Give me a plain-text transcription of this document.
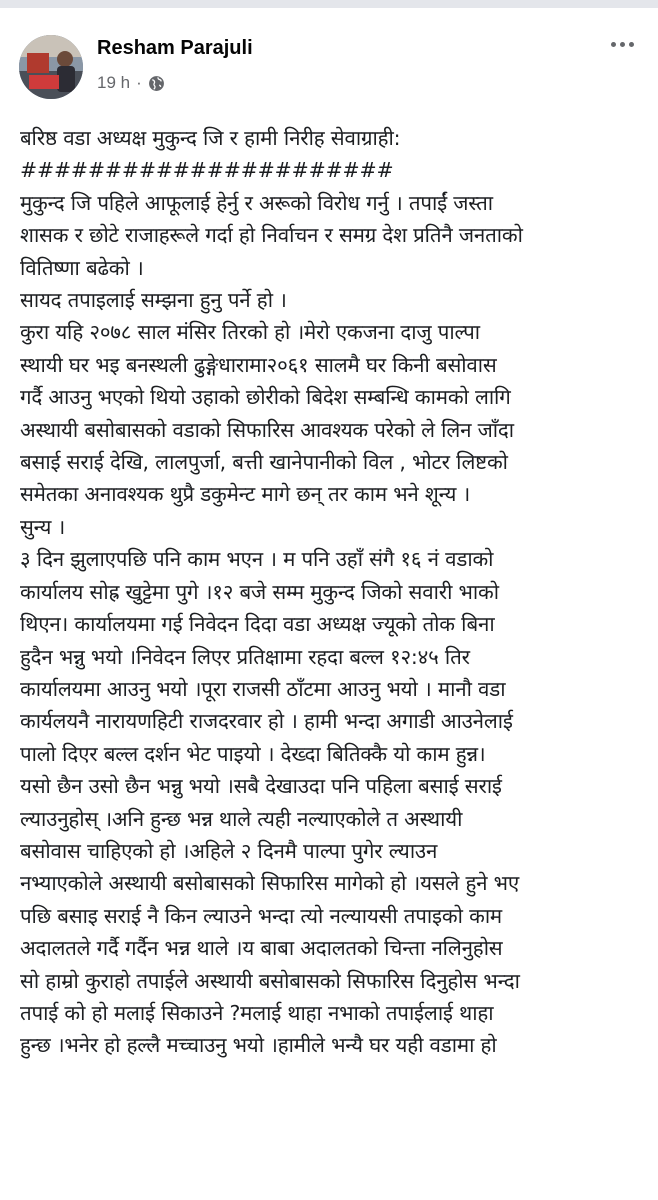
Resham Parajuli
19 h ·
बरिष्ठ वडा अध्यक्ष मुकुन्द जि र हामी निरीह सेवाग्राही:
######################
मुकुन्द जि पहिले आफूलाई हेर्नु र अरूको विरोध गर्नु । तपाईं जस्ता
शासक र छोटे राजाहरूले गर्दा हो निर्वाचन र समग्र देश प्रतिनै जनताको
वितिष्णा बढेको ।
सायद तपाइलाई सम्झना हुनु पर्ने हो ।
कुरा यहि २०७८ साल मंसिर तिरको हो ।मेरो एकजना दाजु पाल्पा
स्थायी घर भइ बनस्थली ढुङ्गेधारामा२०६१ सालमै घर किनी बसोवास
गर्दै आउनु भएको थियो उहाको छोरीको बिदेश सम्बन्धि कामको लागि
अस्थायी बसोबासको वडाको सिफारिस आवश्यक परेको ले लिन जाँदा
बसाई सराई देखि, लालपुर्जा, बत्ती खानेपानीको विल , भोटर लिष्टको
समेतका अनावश्यक थुप्रै डकुमेन्ट मागे छन् तर काम भने शून्य ।
सुन्य ।
३ दिन झुलाएपछि पनि काम भएन । म पनि उहाँ संगै १६ नं वडाको
कार्यालय सोह्र खुट्टेमा पुगे ।१२ बजे सम्म मुकुन्द जिको सवारी भाको
थिएन। कार्यालयमा गई निवेदन दिदा वडा अध्यक्ष ज्यूको तोक बिना
हुदैन भन्नु भयो ।निवेदन लिएर प्रतिक्षामा रहदा बल्ल १२:४५ तिर
कार्यालयमा आउनु भयो ।पूरा राजसी ठाँटमा आउनु भयो । मानौ वडा
कार्यलयनै नारायणहिटी राजदरवार हो । हामी भन्दा अगाडी आउनेलाई
पालो दिएर बल्ल दर्शन भेट पाइयो । देख्दा बितिक्कै यो काम हुन्न।
यसो छैन उसो छैन भन्नु भयो ।सबै देखाउदा पनि पहिला बसाई सराई
ल्याउनुहोस् ।अनि हुन्छ भन्न थाले त्यही नल्याएकोले त अस्थायी
बसोवास चाहिएको हो ।अहिले २ दिनमै पाल्पा पुगेर ल्याउन
नभ्याएकोले अस्थायी बसोबासको सिफारिस मागेको हो ।यसले हुने भए
पछि बसाइ सराई नै किन ल्याउने भन्दा त्यो नल्यायसी तपाइको काम
अदालतले गर्दै गर्दैन भन्न थाले ।य बाबा अदालतको चिन्ता नलिनुहोस
सो हाम्रो कुराहो तपाईले अस्थायी बसोबासको सिफारिस दिनुहोस भन्दा
तपाई को हो मलाई सिकाउने ?मलाई थाहा नभाको तपाईलाई थाहा
हुन्छ ।भनेर हो हल्लै मच्चाउनु भयो ।हामीले भन्यै घर यही वडामा हो
